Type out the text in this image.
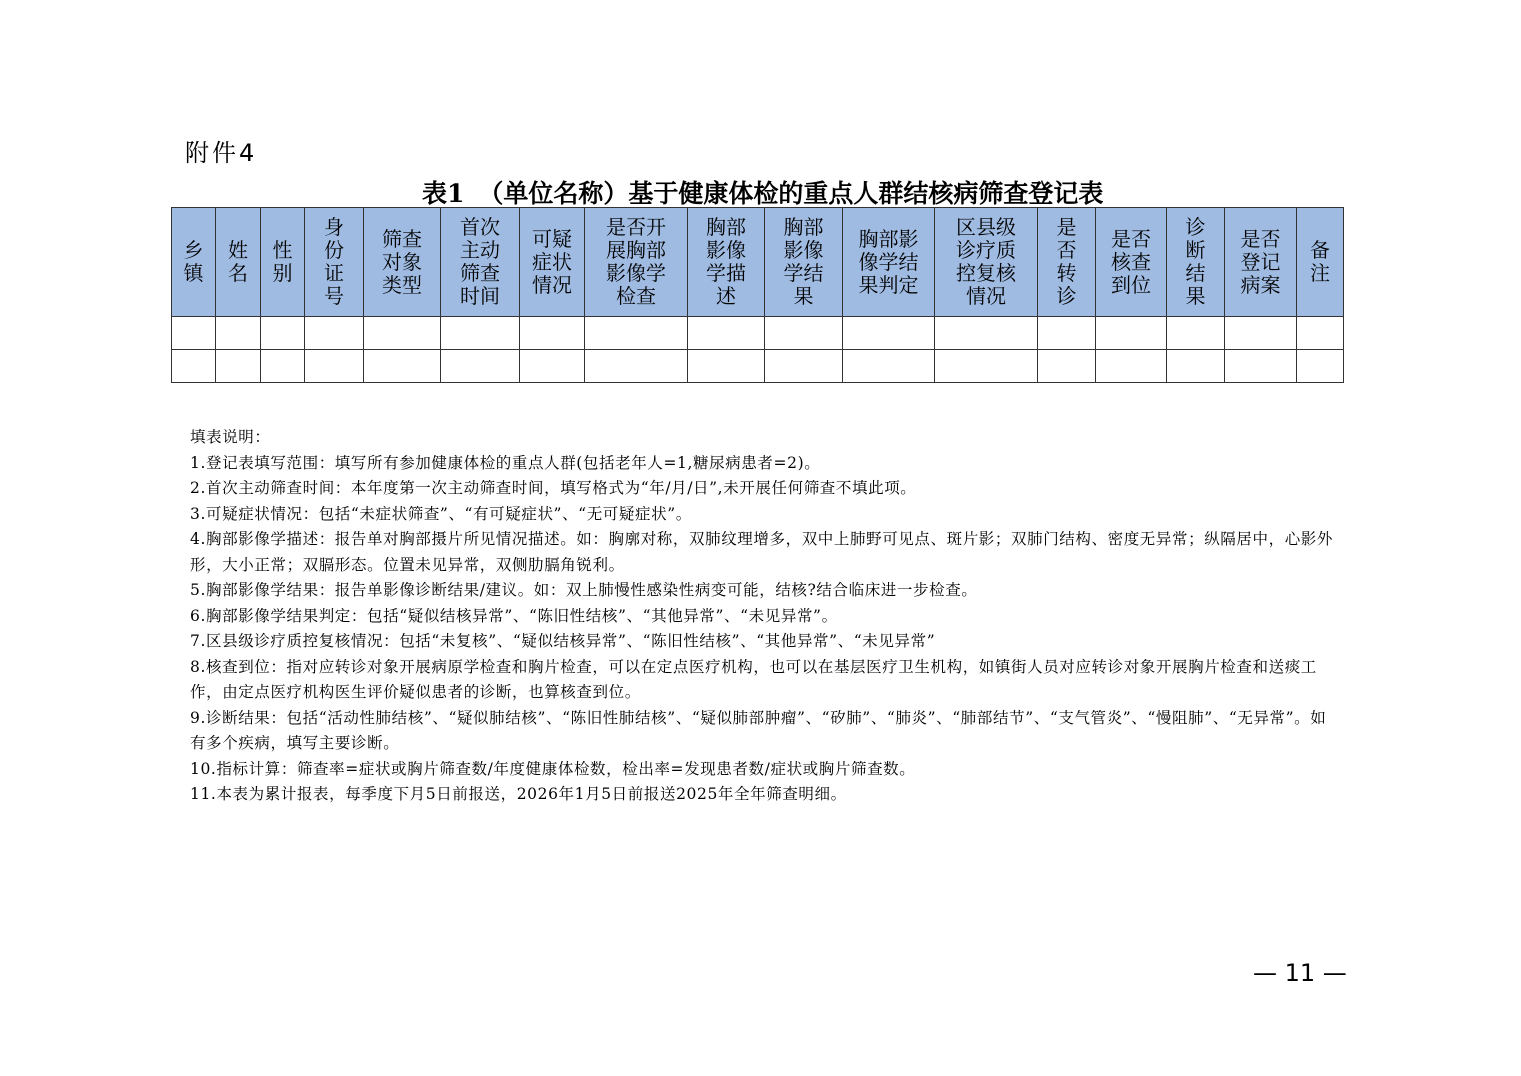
附件4
表1 （单位名称）基于健康体检的重点人群结核病筛查登记表
乡镇	姓名	性别	身份证号	筛查对象类型	首次主动筛查时间	可疑症状情况	是否开展胸部影像学检查	胸部影像学描述	胸部影像学结果	胸部影像学结果判定	区县级诊疗质控复核情况	是否转诊	是否核查到位	诊断结果	是否登记病案	备注

填表说明：

1.登记表填写范围：填写所有参加健康体检的重点人群(包括老年人=1,糖尿病患者=2)。

2.首次主动筛查时间：本年度第一次主动筛查时间，填写格式为“年/月/日”,未开展任何筛查不填此项。

3.可疑症状情况：包括“未症状筛查”、“有可疑症状”、“无可疑症状”。

4.胸部影像学描述：报告单对胸部摄片所见情况描述。如：胸廓对称，双肺纹理增多，双中上肺野可见点、斑片影；双肺门结构、密度无异常；纵隔居中，心影外形，大小正常；双膈形态。位置未见异常，双侧肋膈角锐利。

5.胸部影像学结果：报告单影像诊断结果/建议。如：双上肺慢性感染性病变可能，结核?结合临床进一步检查。

6.胸部影像学结果判定：包括“疑似结核异常”、“陈旧性结核”、“其他异常”、“未见异常”。

7.区县级诊疗质控复核情况：包括“未复核”、“疑似结核异常”、“陈旧性结核”、“其他异常”、“未见异常”

8.核查到位：指对应转诊对象开展病原学检查和胸片检查，可以在定点医疗机构，也可以在基层医疗卫生机构，如镇街人员对应转诊对象开展胸片检查和送痰工作，由定点医疗机构医生评价疑似患者的诊断，也算核查到位。

9.诊断结果：包括“活动性肺结核”、“疑似肺结核”、“陈旧性肺结核”、“疑似肺部肿瘤”、“矽肺”、“肺炎”、“肺部结节”、“支气管炎”、“慢阻肺”、“无异常”。如有多个疾病，填写主要诊断。

10.指标计算：筛查率=症状或胸片筛查数/年度健康体检数，检出率=发现患者数/症状或胸片筛查数。

11.本表为累计报表，每季度下月5日前报送，2026年1月5日前报送2025年全年筛查明细。

— 11 —
